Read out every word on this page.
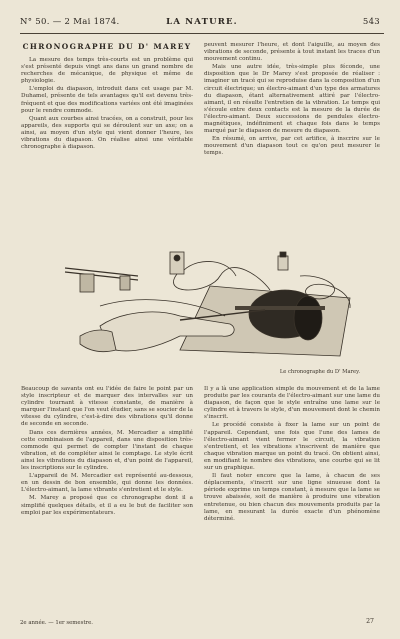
N° 50. — 2 Mai 1874.	LA NATURE.	543
CHRONOGRAPHE DU D' MAREY

La mesure des temps très-courts est un problème qui s'est présenté depuis vingt ans dans un grand nombre de recherches de mécanique, de physique et même de physiologie.

L'emploi du diapason, introduit dans cet usage par M. Duhamel, présente de tels avantages qu'il est devenu très-fréquent et que des modifications variées ont été imaginées pour le rendre commode.

Quant aux courbes ainsi tracées, on a construit, pour les appareils, des supports qui se déroulent sur un axe; on a ainsi, au moyen d'un style qui vient donner l'heure, les vibrations du diapason. On réalise ainsi une véritable chronographe à diapason.

peuvent mesurer l'heure, et dont l'aiguille, au moyen des vibrations de seconde, présente à tout instant les traces d'un mouvement continu.

Mais une autre idée, très-simple plus féconde, une disposition que le Dr Marey s'est proposée de réaliser : imaginer un tracé qui se reproduise dans la composition d'un circuit électrique; un électro-aimant d'un type des armatures du diapason, étant alternativement attiré par l'électro-aimant, il en résulte l'entretien de la vibration. Le temps qui s'écoule entre deux contacts est la mesure de la durée de l'électro-aimant. Deux successions de pendules électro-magnétiques, indéfiniment et chaque fois dans le temps marqué par le diapason de mesure du diapason.

En résumé, on arrive, par cet artifice, à inscrire sur le mouvement d'un diapason tout ce qu'on peut mesurer le temps.

Le chronographe du D' Marey.

Beaucoup de savants ont eu l'idée de faire le point par un style inscripteur et de marquer des intervalles sur un cylindre tournant à vitesse constante, de manière à marquer l'instant que l'on veut étudier, sans se soucier de la vitesse du cylindre, c'est-à-dire des vibrations qu'il donne de seconde en seconde.

Dans ces dernières années, M. Mercadier a simplifié cette combinaison de l'appareil, dans une disposition très-commode qui permet de compter l'instant de chaque vibration, et de compléter ainsi le comptage. Le style écrit ainsi les vibrations du diapason et, d'un point de l'appareil, les inscriptions sur le cylindre.

L'appareil de M. Mercadier est représenté au-dessous, en un dessin de bon ensemble, qui donne les données. L'électro-aimant, la lame vibrante s'entretient et le style.

M. Marey a proposé que ce chronographe dont il a simplifié quelques détails, et il a eu le but de faciliter son emploi par les expérimentateurs.

Il y a là une application simple du mouvement et de la lame produite par les courants de l'électro-aimant sur une lame du diapason, de façon que le style entraîne une lame sur le cylindre et à travers le style, d'un mouvement dont le chemin s'inscrit.

Le procédé consiste à fixer la lame sur un point de l'appareil. Cependant, une fois que l'une des lames de l'électro-aimant vient fermer le circuit, la vibration s'entretient, et les vibrations s'inscrivent de manière que chaque vibration marque un point du tracé. On obtient ainsi, en modifiant le nombre des vibrations, une courbe qui se lit sur un graphique.

Il faut noter encore que la lame, à chacun de ses déplacements, s'inscrit sur une ligne sinueuse dont la période exprime un temps constant, à mesure que la lame se trouve abaissée, soit de manière à produire une vibration entretenue, ou bien chacun des mouvements produits par la lame, en mesurant la durée exacte d'un phénomène déterminé.

2e année. — 1er semestre.	27
